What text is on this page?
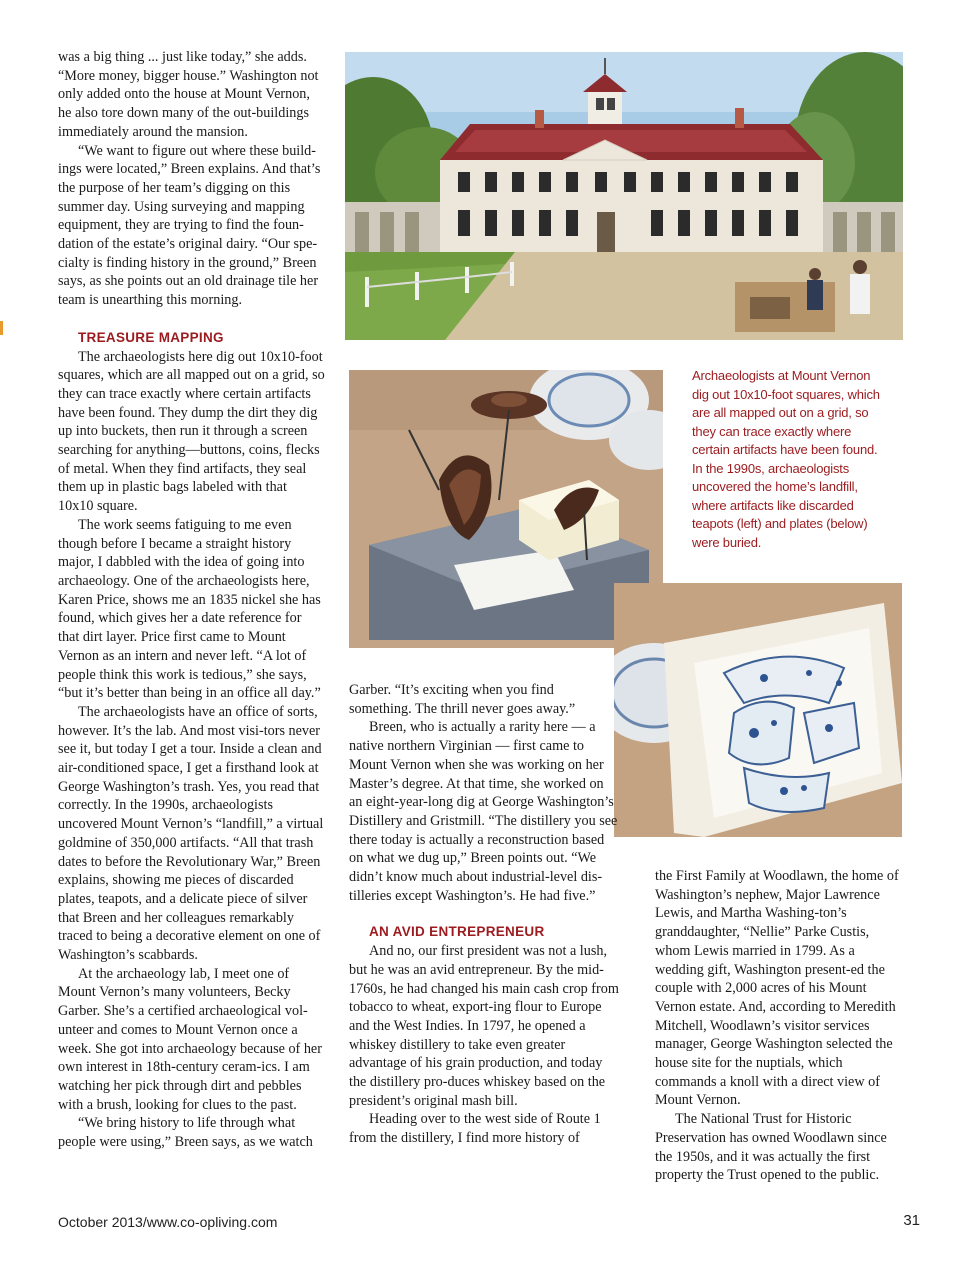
was a big thing ... just like today,” she adds. “More money, bigger house.” Washington not only added onto the house at Mount Vernon, he also tore down many of the out-buildings immediately around the mansion.

“We want to figure out where these build-ings were located,” Breen explains. And that’s the purpose of her team’s digging on this summer day. Using surveying and mapping equipment, they are trying to find the foun-dation of the estate’s original dairy. “Our spe-cialty is finding history in the ground,” Breen says, as she points out an old drainage tile her team is unearthing this morning.

TREASURE MAPPING

The archaeologists here dig out 10x10-foot squares, which are all mapped out on a grid, so they can trace exactly where certain artifacts have been found. They dump the dirt they dig up into buckets, then run it through a screen searching for anything—buttons, coins, flecks of metal. When they find artifacts, they seal them up in plastic bags labeled with that 10x10 square.

The work seems fatiguing to me even though before I became a straight history major, I dabbled with the idea of going into archaeology. One of the archaeologists here, Karen Price, shows me an 1835 nickel she has found, which gives her a date reference for that dirt layer. Price first came to Mount Vernon as an intern and never left. “A lot of people think this work is tedious,” she says, “but it’s better than being in an office all day.”

The archaeologists have an office of sorts, however. It’s the lab. And most visi-tors never see it, but today I get a tour. Inside a clean and air-conditioned space, I get a firsthand look at George Washington’s trash. Yes, you read that correctly. In the 1990s, archaeologists uncovered Mount Vernon’s “landfill,” a virtual goldmine of 350,000 artifacts. “All that trash dates to before the Revolutionary War,” Breen explains, showing me pieces of discarded plates, teapots, and a delicate piece of silver that Breen and her colleagues remarkably traced to being a decorative element on one of Washington’s scabbards.

At the archaeology lab, I meet one of Mount Vernon’s many volunteers, Becky Garber. She’s a certified archaeological vol-unteer and comes to Mount Vernon once a week. She got into archaeology because of her own interest in 18th-century ceram-ics. I am watching her pick through dirt and pebbles with a brush, looking for clues to the past.

“We bring history to life through what people were using,” Breen says, as we watch

Archaeologists at Mount Vernon dig out 10x10-foot squares, which are all mapped out on a grid, so they can trace exactly where certain artifacts have been found. In the 1990s, archaeologists uncovered the home’s landfill, where artifacts like discarded teapots (left) and plates (below) were buried.

Garber. “It’s exciting when you find something. The thrill never goes away.”

Breen, who is actually a rarity here — a native northern Virginian — first came to Mount Vernon when she was working on her Master’s degree. At that time, she worked on an eight-year-long dig at George Washington’s Distillery and Gristmill. “The distillery you see there today is actually a reconstruction based on what we dug up,” Breen points out. “We didn’t know much about industrial-level dis-tilleries except Washington’s. He had five.”

AN AVID ENTREPRENEUR

And no, our first president was not a lush, but he was an avid entrepreneur. By the mid-1760s, he had changed his main cash crop from tobacco to wheat, export-ing flour to Europe and the West Indies. In 1797, he opened a whiskey distillery to take even greater advantage of his grain production, and today the distillery pro-duces whiskey based on the president’s original mash bill.

Heading over to the west side of Route 1 from the distillery, I find more history of

the First Family at Woodlawn, the home of Washington’s nephew, Major Lawrence Lewis, and Martha Washing-ton’s granddaughter, “Nellie” Parke Custis, whom Lewis married in 1799. As a wedding gift, Washington present-ed the couple with 2,000 acres of his Mount Vernon estate. And, according to Meredith Mitchell, Woodlawn’s visitor services manager, George Washington selected the house site for the nuptials, which commands a knoll with a direct view of Mount Vernon.

The National Trust for Historic Preservation has owned Woodlawn since the 1950s, and it was actually the first property the Trust opened to the public.

October 2013/www.co-opliving.com	31
